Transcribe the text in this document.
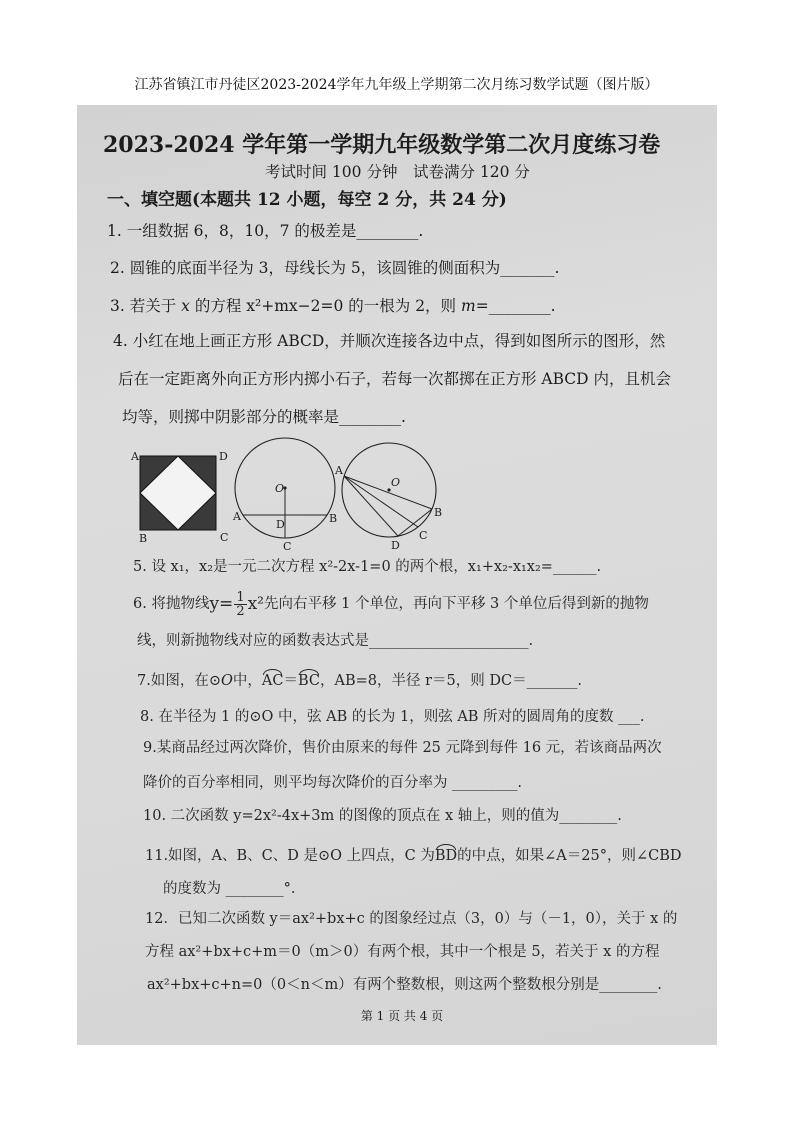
江苏省镇江市丹徒区2023-2024学年九年级上学期第二次月练习数学试题（图片版）
2023-2024 学年第一学期九年级数学第二次月度练习卷
考试时间 100 分钟　试卷满分 120 分
一、填空题(本题共 12 小题，每空 2 分，共 24 分)
1. 一组数据 6，8，10，7 的极差是________.
2. 圆锥的底面半径为 3，母线长为 5，该圆锥的侧面积为_______.
3. 若关于 x 的方程 x²+mx−2=0 的一根为 2，则 m=________.
4. 小红在地上画正方形 ABCD，并顺次连接各边中点，得到如图所示的图形，然
后在一定距离外向正方形内掷小石子，若每一次都掷在正方形 ABCD 内，且机会
均等，则掷中阴影部分的概率是________.
A	D
B	C
O
A
D	B
C
A
O
B
C
D
5. 设 x₁，x₂是一元二次方程 x²-2x-1=0 的两个根，x₁+x₂-x₁x₂=______.
6. 将抛物线 $y= \frac{1}{2} x^2$ 先向右平移 1 个单位，再向下平移 3 个单位后得到新的抛物
线，则新抛物线对应的函数表达式是______________________.
7.如图，在⊙O中，AC＝BC，AB=8，半径 r＝5，则 DC＝_______.
8. 在半径为 1 的⊙O 中，弦 AB 的长为 1，则弦 AB 所对的圆周角的度数 ___.
9.某商品经过两次降价，售价由原来的每件 25 元降到每件 16 元，若该商品两次
降价的百分率相同，则平均每次降价的百分率为 _________.
10. 二次函数 y=2x²-4x+3m 的图像的顶点在 x 轴上，则的值为________.
11.如图，A、B、C、D 是⊙O 上四点，C 为BD的中点，如果∠A＝25°，则∠CBD
的度数为 ________°.
12．已知二次函数 y＝ax²+bx+c 的图象经过点（3，0）与（－1，0），关于 x 的
方程 ax²+bx+c+m＝0（m＞0）有两个根，其中一个根是 5，若关于 x 的方程
ax²+bx+c+n=0（0＜n＜m）有两个整数根，则这两个整数根分别是________.
第 1 页 共 4 页
